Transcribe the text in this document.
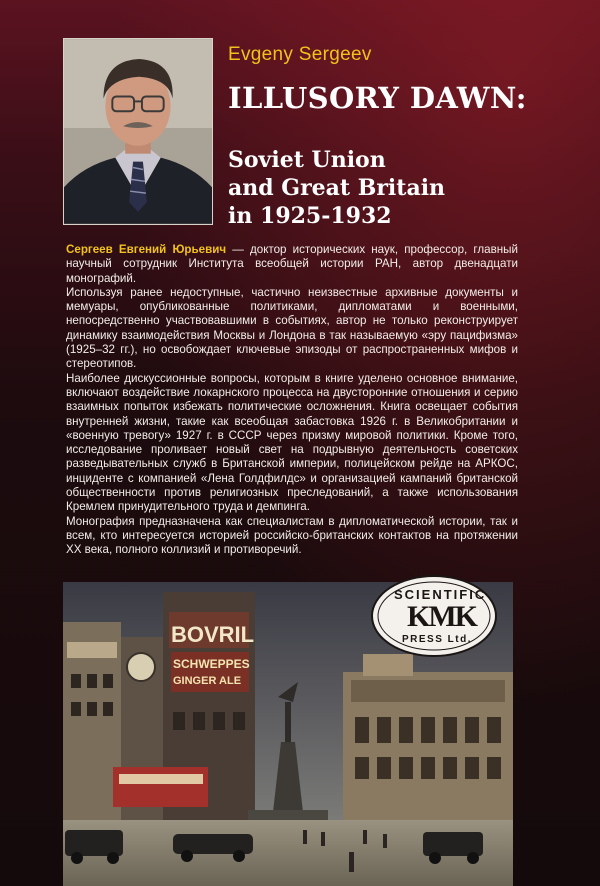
Evgeny Sergeev
ILLUSORY DAWN:
Soviet Union
and Great Britain
in 1925-1932

Сергеев Евгений Юрьевич — доктор исторических наук, профессор, главный научный сотрудник Института всеобщей истории РАН, автор двенадцати монографий.

Используя ранее недоступные, частично неизвестные архивные документы и мемуары, опубликованные политиками, дипломатами и военными, непосредственно участвовавшими в событиях, автор не только реконструирует динамику взаимодействия Москвы и Лондона в так называемую «эру пацифизма» (1925–32 гг.), но освобождает ключевые эпизоды от распространенных мифов и стереотипов.

Наиболее дискуссионные вопросы, которым в книге уделено основное внимание, включают воздействие локарнского процесса на двусторонние отношения и серию взаимных попыток избежать политические осложнения. Книга освещает события внутренней жизни, такие как всеобщая забастовка 1926 г. в Великобритании и «военную тревогу» 1927 г. в СССР через призму мировой политики. Кроме того, исследование проливает новый свет на подрывную деятельность советских разведывательных служб в Британской империи, полицейском рейде на АРКОС, инциденте с компанией «Лена Голдфилдс» и организацией кампаний британской общественности против религиозных преследований, а также использования Кремлем принудительного труда и демпинга.

Монография предназначена как специалистам в дипломатической истории, так и всем, кто интересуется историей российско-британских контактов на протяжении XX века, полного коллизий и противоречий.

BOVRIL
SCHWEPPES
GINGER ALE
SCIENTIFIC
KMK
PRESS Ltd.
